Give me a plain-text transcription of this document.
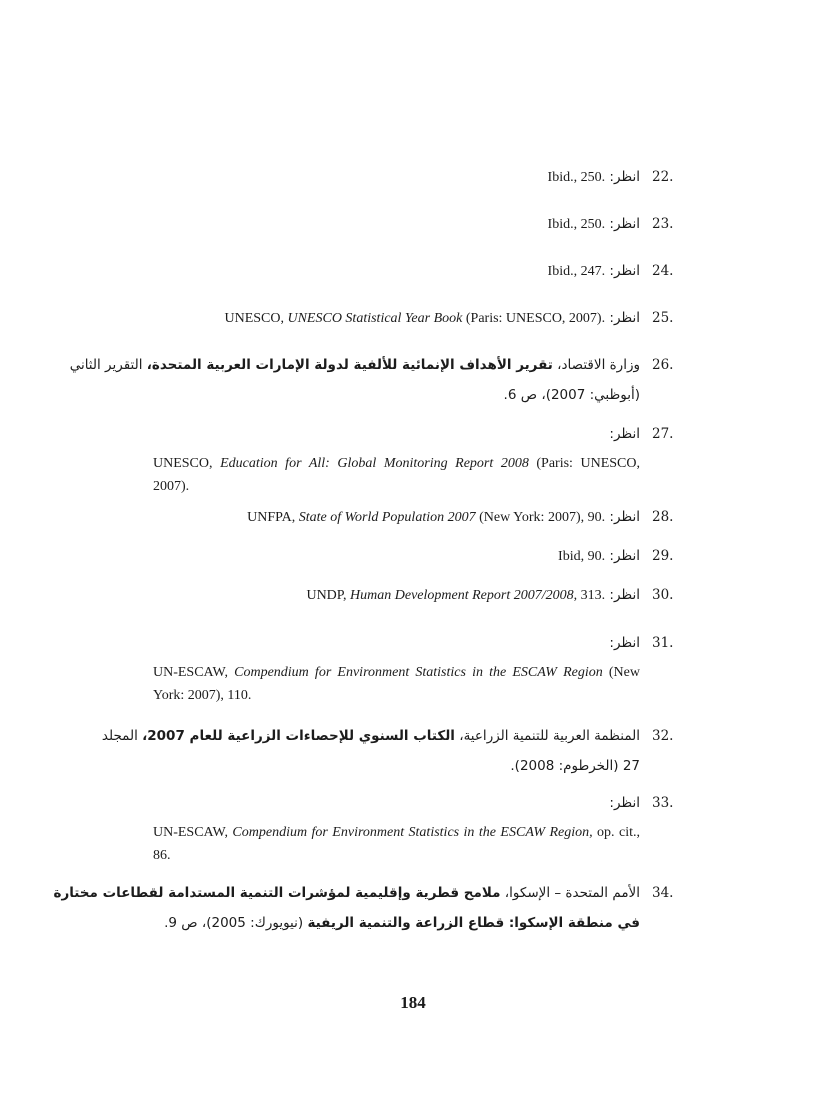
22.
انظر: Ibid., 250.
23.
انظر: Ibid., 250.
24.
انظر: Ibid., 247.
25.
انظر: UNESCO, UNESCO Statistical Year Book (Paris: UNESCO, 2007).
26.
وزارة الاقتصاد، تقرير الأهداف الإنمائية للألفية لدولة الإمارات العربية المتحدة، التقرير الثاني
(أبوظبي: 2007)، ص 6.
27.
انظر:
UNESCO, Education for All: Global Monitoring Report 2008 (Paris: UNESCO, 2007).
28.
انظر: UNFPA, State of World Population 2007 (New York: 2007), 90.
29.
انظر: Ibid, 90.
30.
انظر: UNDP, Human Development Report 2007/2008, 313.
31.
انظر:
UN-ESCAW, Compendium for Environment Statistics in the ESCAW Region (New York: 2007), 110.
32.
المنظمة العربية للتنمية الزراعية، الكتاب السنوي للإحصاءات الزراعية للعام 2007، المجلد
27 (الخرطوم: 2008).
33.
انظر:
UN-ESCAW, Compendium for Environment Statistics in the ESCAW Region, op. cit., 86.
34.
الأمم المتحدة – الإسكوا، ملامح قطرية وإقليمية لمؤشرات التنمية المستدامة لقطاعات مختارة
في منطقة الإسكوا: قطاع الزراعة والتنمية الريفية (نيويورك: 2005)، ص 9.
184
